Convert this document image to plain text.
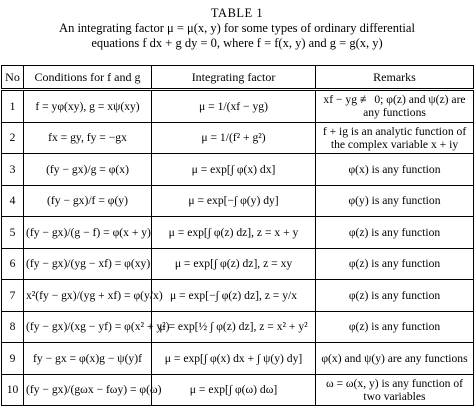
TABLE 1
An integrating factor μ = μ(x, y) for some types of ordinary differential
equations f dx + g dy = 0, where f = f(x, y) and g = g(x, y)
No	Conditions for f and g	Integrating factor	Remarks
1	f = yφ(xy), g = xψ(xy)	μ = 1/(xf − yg)	xf − yg ≢ 0; φ(z) and ψ(z) are any functions
2	fx = gy, fy = −gx	μ = 1/(f² + g²)	f + ig is an analytic function of the complex variable x + iy
3	(fy − gx)/g = φ(x)	μ = exp[∫ φ(x) dx]	φ(x) is any function
4	(fy − gx)/f = φ(y)	μ = exp[−∫ φ(y) dy]	φ(y) is any function
5	(fy − gx)/(g − f) = φ(x + y)	μ = exp[∫ φ(z) dz], z = x + y	φ(z) is any function
6	(fy − gx)/(yg − xf) = φ(xy)	μ = exp[∫ φ(z) dz], z = xy	φ(z) is any function
7	x²(fy − gx)/(yg + xf) = φ(y/x)	μ = exp[−∫ φ(z) dz], z = y/x	φ(z) is any function
8	(fy − gx)/(xg − yf) = φ(x² + y²)	μ = exp[½ ∫ φ(z) dz], z = x² + y²	φ(z) is any function
9	fy − gx = φ(x)g − ψ(y)f	μ = exp[∫ φ(x) dx + ∫ ψ(y) dy]	φ(x) and ψ(y) are any functions
10	(fy − gx)/(gωx − fωy) = φ(ω)	μ = exp[∫ φ(ω) dω]	ω = ω(x, y) is any function of two variables
